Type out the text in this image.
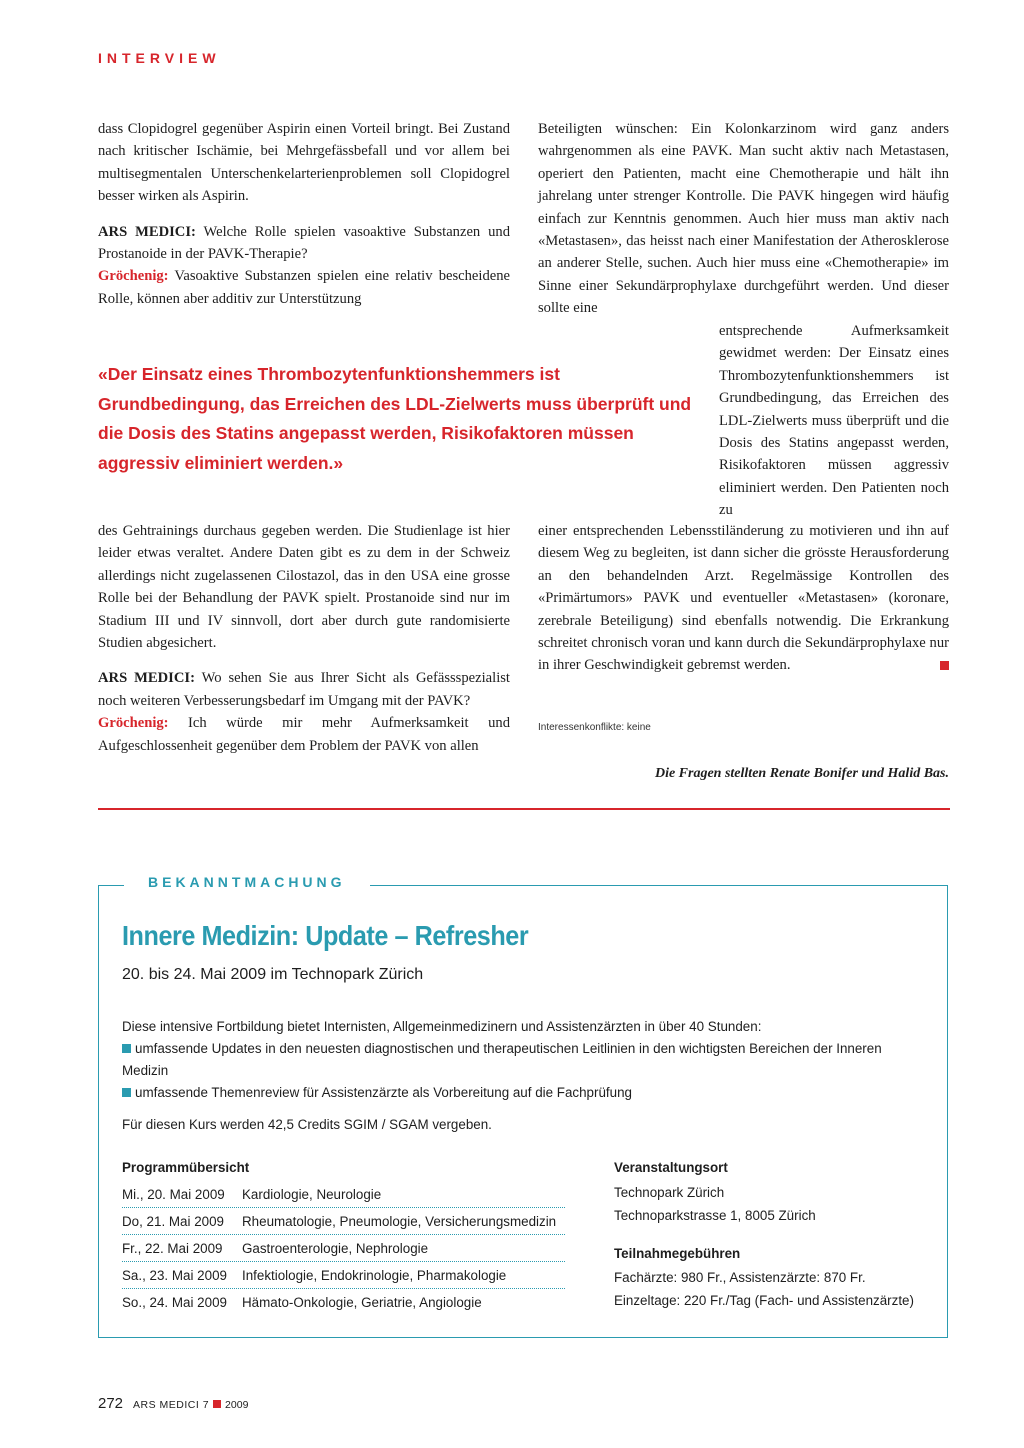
INTERVIEW

dass Clopidogrel gegenüber Aspirin einen Vorteil bringt. Bei Zustand nach kritischer Ischämie, bei Mehrgefässbefall und vor allem bei multisegmentalen Unterschenkelarterienproblemen soll Clopidogrel besser wirken als Aspirin.

ARS MEDICI: Welche Rolle spielen vasoaktive Substanzen und Prostanoide in der PAVK-Therapie?

Gröchenig: Vasoaktive Substanzen spielen eine relativ bescheidene Rolle, können aber additiv zur Unterstützung

Beteiligten wünschen: Ein Kolonkarzinom wird ganz anders wahrgenommen als eine PAVK. Man sucht aktiv nach Metastasen, operiert den Patienten, macht eine Chemotherapie und hält ihn jahrelang unter strenger Kontrolle. Die PAVK hingegen wird häufig einfach zur Kenntnis genommen. Auch hier muss man aktiv nach «Metastasen», das heisst nach einer Manifestation der Atherosklerose an anderer Stelle, suchen. Auch hier muss eine «Chemotherapie» im Sinne einer Sekundärprophylaxe durchgeführt werden. Und dieser sollte eine

entsprechende Aufmerksamkeit gewidmet werden: Der Einsatz eines Thrombozytenfunktionshemmers ist Grundbedingung, das Erreichen des LDL-Zielwerts muss überprüft und die Dosis des Statins angepasst werden, Risikofaktoren müssen aggressiv eliminiert werden. Den Patienten noch zu

«Der Einsatz eines Thrombozytenfunktionshemmers ist Grundbedingung, das Erreichen des LDL-Zielwerts muss überprüft und die Dosis des Statins angepasst werden, Risikofaktoren müssen aggressiv eliminiert werden.»

des Gehtrainings durchaus gegeben werden. Die Studienlage ist hier leider etwas veraltet. Andere Daten gibt es zu dem in der Schweiz allerdings nicht zugelassenen Cilostazol, das in den USA eine grosse Rolle bei der Behandlung der PAVK spielt. Prostanoide sind nur im Stadium III und IV sinnvoll, dort aber durch gute randomisierte Studien abgesichert.

ARS MEDICI: Wo sehen Sie aus Ihrer Sicht als Gefässspezialist noch weiteren Verbesserungsbedarf im Umgang mit der PAVK?

Gröchenig: Ich würde mir mehr Aufmerksamkeit und Aufgeschlossenheit gegenüber dem Problem der PAVK von allen

einer entsprechenden Lebensstiländerung zu motivieren und ihn auf diesem Weg zu begleiten, ist dann sicher die grösste Herausforderung an den behandelnden Arzt. Regelmässige Kontrollen des «Primärtumors» PAVK und eventueller «Metastasen» (koronare, zerebrale Beteiligung) sind ebenfalls notwendig. Die Erkrankung schreitet chronisch voran und kann durch die Sekundärprophylaxe nur in ihrer Geschwindigkeit gebremst werden.

Interessenkonflikte: keine
Die Fragen stellten Renate Bonifer und Halid Bas.
BEKANNTMACHUNG
Innere Medizin: Update – Refresher
20. bis 24. Mai 2009 im Technopark Zürich
Diese intensive Fortbildung bietet Internisten, Allgemeinmedizinern und Assistenzärzten in über 40 Stunden:
umfassende Updates in den neuesten diagnostischen und therapeutischen Leitlinien in den wichtigsten Bereichen der Inneren
Medizin
umfassende Themenreview für Assistenzärzte als Vorbereitung auf die Fachprüfung
Für diesen Kurs werden 42,5 Credits SGIM / SGAM vergeben.
Programmübersicht
Mi., 20. Mai 2009	Kardiologie, Neurologie
Do, 21. Mai 2009	Rheumatologie, Pneumologie, Versicherungsmedizin
Fr., 22. Mai 2009	Gastroenterologie, Nephrologie
Sa., 23. Mai 2009	Infektiologie, Endokrinologie, Pharmakologie
So., 24. Mai 2009	Hämato-Onkologie, Geriatrie, Angiologie
Veranstaltungsort
Technopark Zürich
Technoparkstrasse 1, 8005 Zürich
Teilnahmegebühren
Fachärzte: 980 Fr., Assistenzärzte: 870 Fr.
Einzeltage: 220 Fr./Tag (Fach- und Assistenzärzte)
272 ARS MEDICI 7 2009
